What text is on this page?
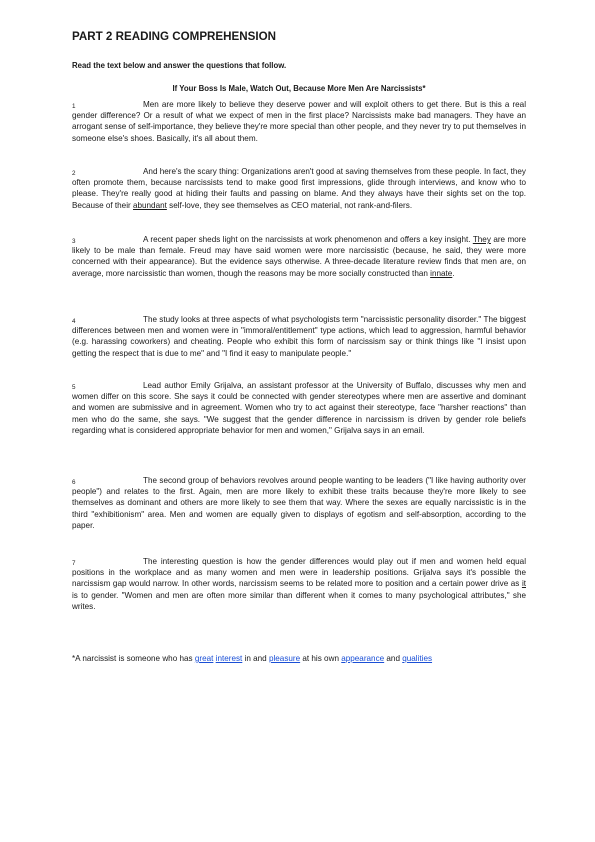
PART 2 READING COMPREHENSION
Read the text below and answer the questions that follow.
If Your Boss Is Male, Watch Out, Because More Men Are Narcissists*
1	Men are more likely to believe they deserve power and will exploit others to get there. But is this a real gender difference? Or a result of what we expect of men in the first place? Narcissists make bad managers. They have an arrogant sense of self-importance, they believe they're more special than other people, and they never try to put themselves in someone else's shoes. Basically, it's all about them.
2	And here's the scary thing: Organizations aren't good at saving themselves from these people. In fact, they often promote them, because narcissists tend to make good first impressions, glide through interviews, and know who to please. They're really good at hiding their faults and passing on blame. And they always have their sights set on the top. Because of their abundant self-love, they see themselves as CEO material, not rank-and-filers.
3	A recent paper sheds light on the narcissists at work phenomenon and offers a key insight. They are more likely to be male than female. Freud may have said women were more narcissistic (because, he said, they were more concerned with their appearance). But the evidence says otherwise. A three-decade literature review finds that men are, on average, more narcissistic than women, though the reasons may be more socially constructed than innate.
4	The study looks at three aspects of what psychologists term "narcissistic personality disorder." The biggest differences between men and women were in "immoral/entitlement" type actions, which lead to aggression, harmful behavior (e.g. harassing coworkers) and cheating. People who exhibit this form of narcissism say or think things like "I insist upon getting the respect that is due to me" and "I find it easy to manipulate people."
5	Lead author Emily Grijalva, an assistant professor at the University of Buffalo, discusses why men and women differ on this score. She says it could be connected with gender stereotypes where men are assertive and dominant and women are submissive and in agreement. Women who try to act against their stereotype, face "harsher reactions" than men who do the same, she says. "We suggest that the gender difference in narcissism is driven by gender role beliefs regarding what is considered appropriate behavior for men and women," Grijalva says in an email.
6	The second group of behaviors revolves around people wanting to be leaders ("I like having authority over people") and relates to the first. Again, men are more likely to exhibit these traits because they're more likely to see themselves as dominant and others are more likely to see them that way. Where the sexes are equally narcissistic is in the third "exhibitionism" area. Men and women are equally given to displays of egotism and self-absorption, according to the paper.
7	The interesting question is how the gender differences would play out if men and women held equal positions in the workplace and as many women and men were in leadership positions. Grijalva says it's possible the narcissism gap would narrow. In other words, narcissism seems to be related more to position and a certain power drive as it is to gender. "Women and men are often more similar than different when it comes to many psychological attributes," she writes.
*A narcissist is someone who has great interest in and pleasure at his own appearance and qualities
